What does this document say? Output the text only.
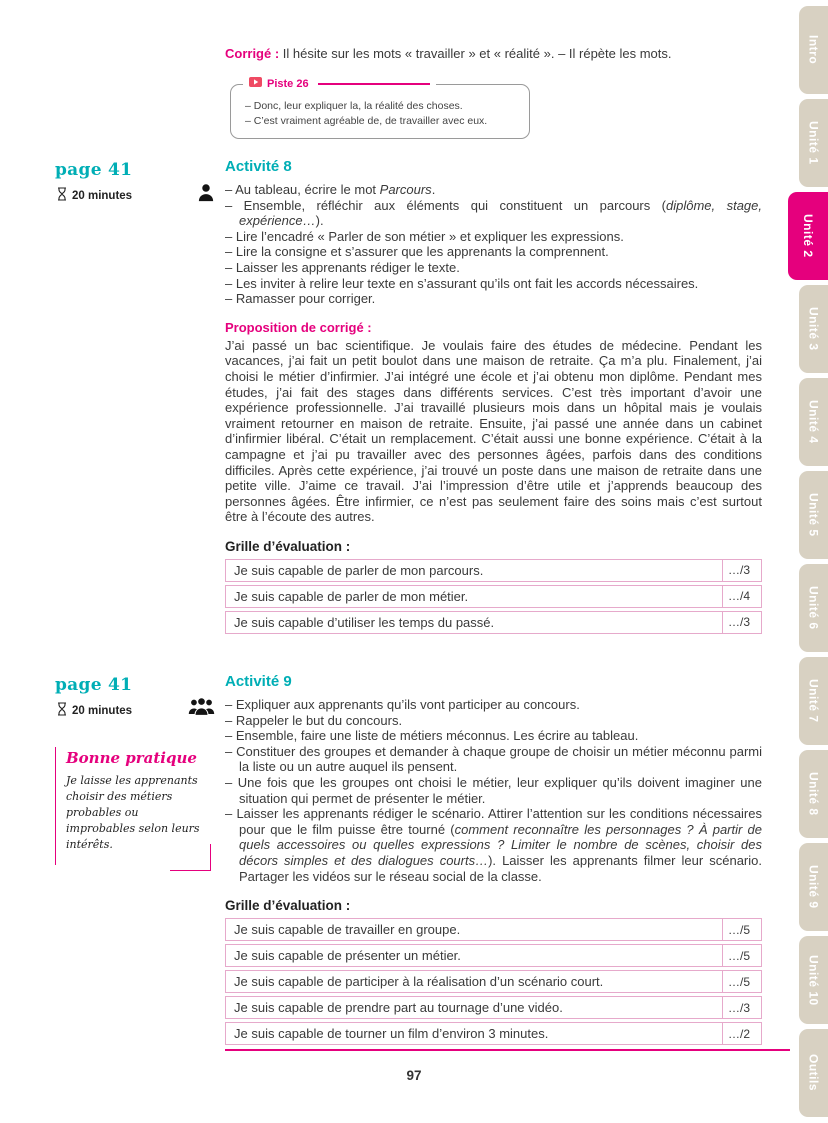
Corrigé : Il hésite sur les mots « travailler » et « réalité ». – Il répète les mots.
Piste 26
– Donc, leur expliquer la, la réalité des choses.
– C’est vraiment agréable de, de travailler avec eux.
page 41
20 minutes
Activité 8
– Au tableau, écrire le mot Parcours.
– Ensemble, réfléchir aux éléments qui constituent un parcours (diplôme, stage, expérience…).
– Lire l’encadré « Parler de son métier » et expliquer les expressions.
– Lire la consigne et s’assurer que les apprenants la comprennent.
– Laisser les apprenants rédiger le texte.
– Les inviter à relire leur texte en s’assurant qu’ils ont fait les accords nécessaires.
– Ramasser pour corriger.
Proposition de corrigé :
J’ai passé un bac scientifique. Je voulais faire des études de médecine. Pendant les vacances, j’ai fait un petit boulot dans une maison de retraite. Ça m’a plu. Finalement, j’ai choisi le métier d’infirmier. J’ai intégré une école et j’ai obtenu mon diplôme. Pendant mes études, j’ai fait des stages dans différents services. C’est très important d’avoir une expérience professionnelle. J’ai travaillé plusieurs mois dans un hôpital mais je voulais vraiment retourner en maison de retraite. Ensuite, j’ai passé une année dans un cabinet d’infirmier libéral. C’était un remplacement. C’était aussi une bonne expérience. C’était à la campagne et j’ai pu travailler avec des personnes âgées, parfois dans des conditions difficiles. Après cette expérience, j’ai trouvé un poste dans une maison de retraite dans une petite ville. J’aime ce travail. J’ai l’impression d’être utile et j’apprends beaucoup des personnes âgées. Être infirmier, ce n’est pas seulement faire des soins mais c’est surtout être à l’écoute des autres.
Grille d’évaluation :
Je suis capable de parler de mon parcours.	…/3
Je suis capable de parler de mon métier.	…/4
Je suis capable d’utiliser les temps du passé.	…/3
page 41
20 minutes
Bonne pratique
Je laisse les apprenants choisir des métiers probables ou improbables selon leurs intérêts.
Activité 9
– Expliquer aux apprenants qu’ils vont participer au concours.
– Rappeler le but du concours.
– Ensemble, faire une liste de métiers méconnus. Les écrire au tableau.
– Constituer des groupes et demander à chaque groupe de choisir un métier méconnu parmi la liste ou un autre auquel ils pensent.
– Une fois que les groupes ont choisi le métier, leur expliquer qu’ils doivent imaginer une situation qui permet de présenter le métier.
– Laisser les apprenants rédiger le scénario. Attirer l’attention sur les conditions nécessaires pour que le film puisse être tourné (comment reconnaître les personnages ? À partir de quels accessoires ou quelles expressions ? Limiter le nombre de scènes, choisir des décors simples et des dialogues courts…). Laisser les apprenants filmer leur scénario. Partager les vidéos sur le réseau social de la classe.
Grille d’évaluation :
Je suis capable de travailler en groupe.	…/5
Je suis capable de présenter un métier.	…/5
Je suis capable de participer à la réalisation d’un scénario court.	…/5
Je suis capable de prendre part au tournage d’une vidéo.	…/3
Je suis capable de tourner un film d’environ 3 minutes.	…/2
Intro
Unité 1
Unité 2
Unité 3
Unité 4
Unité 5
Unité 6
Unité 7
Unité 8
Unité 9
Unité 10
Outils
97
